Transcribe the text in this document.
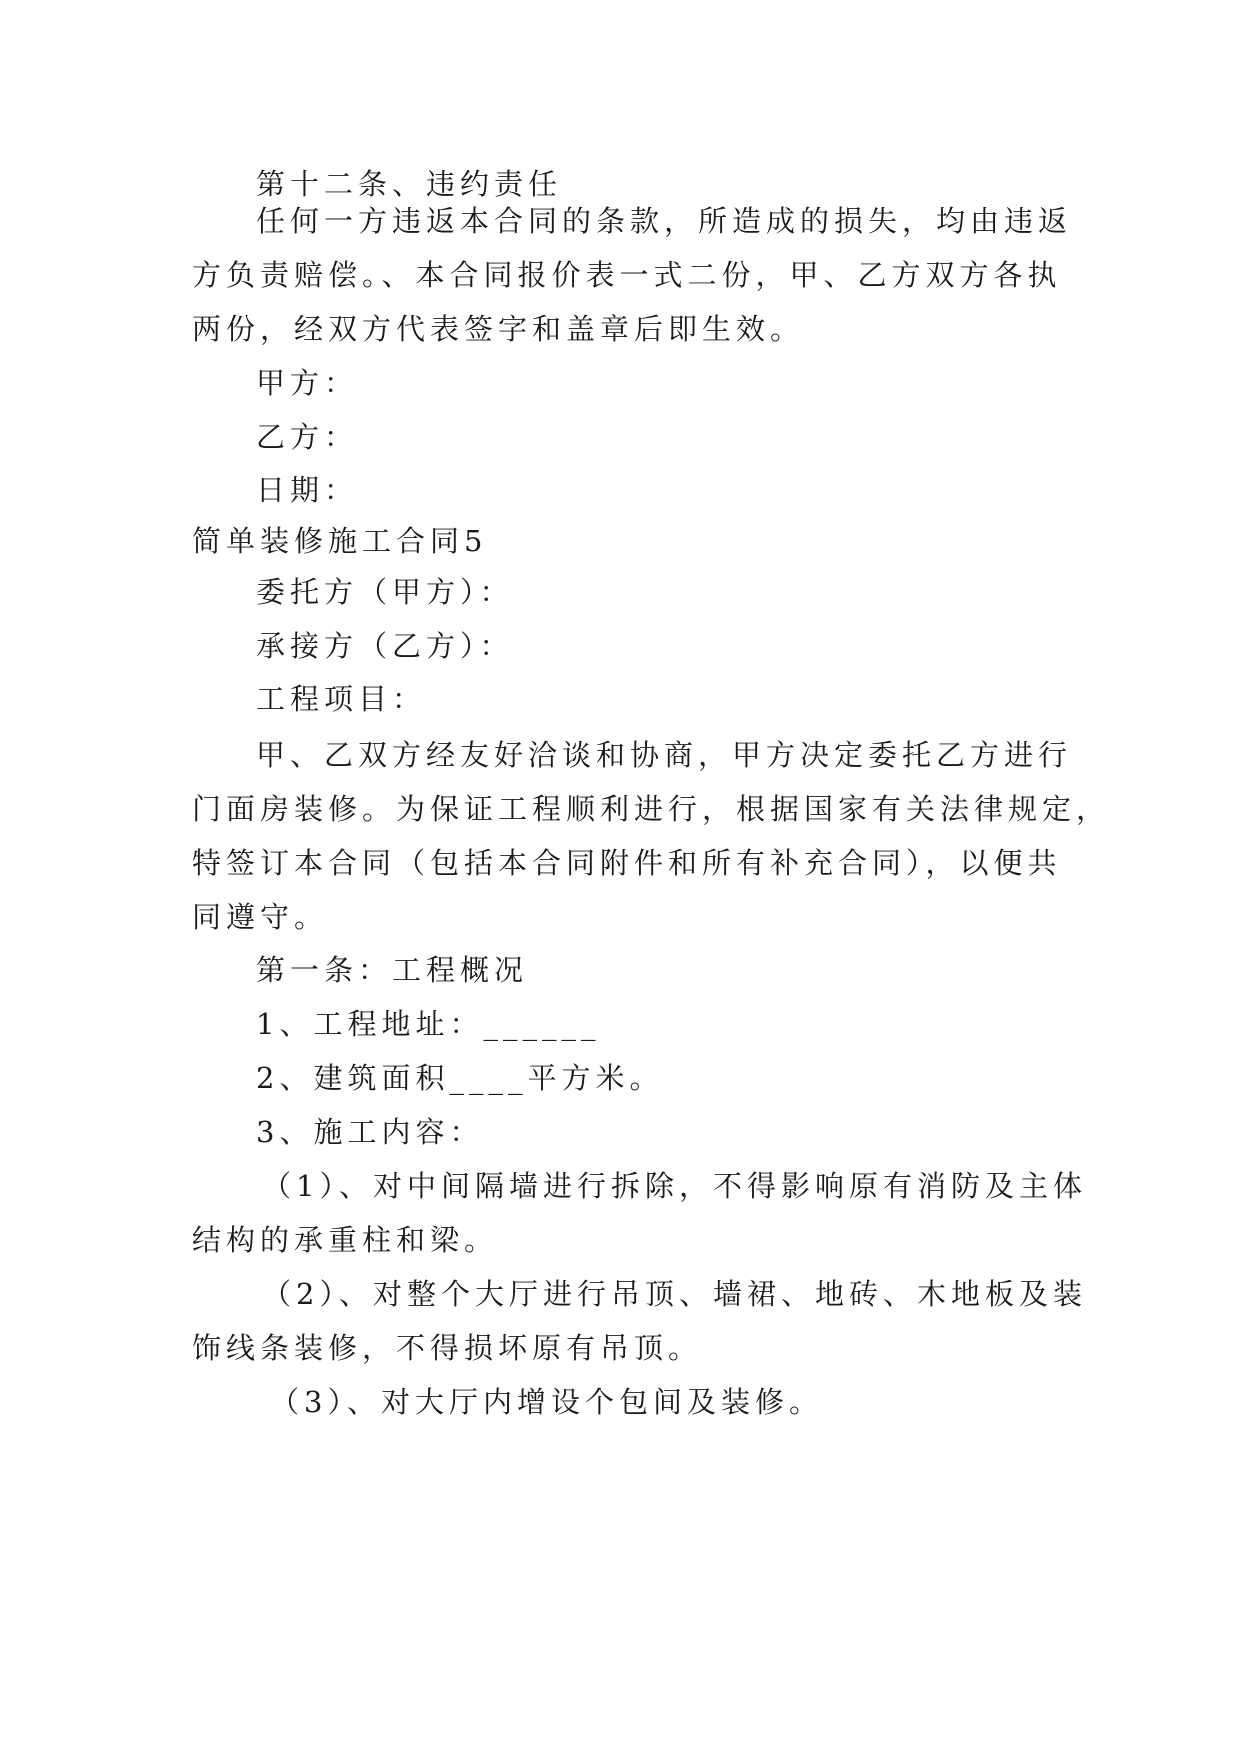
第十二条、违约责任
任何一方违返本合同的条款，所造成的损失，均由违返
方负责赔偿。、本合同报价表一式二份，甲、乙方双方各执
两份，经双方代表签字和盖章后即生效。
甲方：
乙方：
日期：
简单装修施工合同5
委托方（甲方）：
承接方（乙方）：
工程项目：
甲、乙双方经友好洽谈和协商，甲方决定委托乙方进行
门面房装修。为保证工程顺利进行，根据国家有关法律规定，
特签订本合同（包括本合同附件和所有补充合同），以便共
同遵守。
第一条：工程概况
1、工程地址：______
2、建筑面积____平方米。
3、施工内容：
（1）、对中间隔墙进行拆除，不得影响原有消防及主体
结构的承重柱和梁。
（2）、对整个大厅进行吊顶、墙裙、地砖、木地板及装
饰线条装修，不得损坏原有吊顶。
（3）、对大厅内增设个包间及装修。
